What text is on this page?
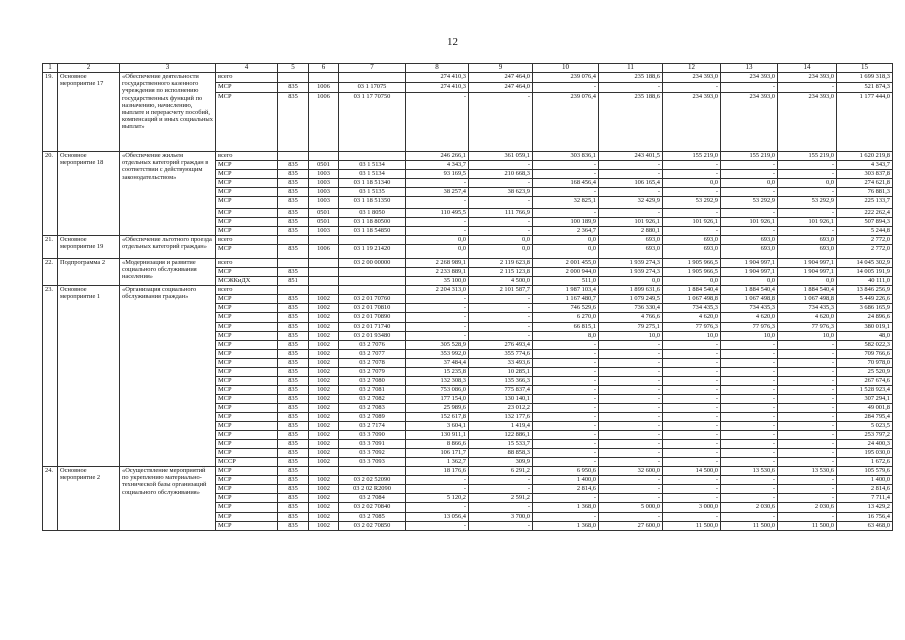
12
1	2	3	4	5	6	7	8	9	10	11	12	13	14	15
19.	Основное мероприятие 17	«Обеспечение деятельности государственного казенного учреждения по исполнению государственных функций по назначению, начислению, выплате и перерасчету пособий, компенсаций и иных социальных выплат»	всего				274 410,3	247 464,0	239 076,4	235 188,6	234 393,0	234 393,0	234 393,0	1 699 318,3
			МСР	835	1006	03 1 17075	274 410,3	247 464,0	-	-	-	-	-	521 874,3
			МСР	835	1006	03 1 17 70750	-	-	239 076,4	235 188,6	234 393,0	234 393,0	234 393,0	1 177 444,0
20.	Основное мероприятие 18	«Обеспечение жильем отдельных категорий граждан в соответствии с действующим законодательством»	всего				246 266,1	361 059,1	303 836,1	243 401,5	155 219,0	155 219,0	155 219,0	1 620 219,8
			МСР	835	0501	03 1 5134	4 343,7	-	-	-	-	-	-	4 343,7
			МСР	835	1003	03 1 5134	93 169,5	210 668,3	-	-	-	-	-	303 837,8
			МСР	835	1003	03 1 18 51340	-	-	168 456,4	106 165,4	0,0	0,0	0,0	274 621,8
			МСР	835	1003	03 1 5135	38 257,4	38 623,9	-	-	-	-	-	76 881,3
			МСР	835	1003	03 1 18 51350	-	-	32 825,1	32 429,9	53 292,9	53 292,9	53 292,9	225 133,7
			МСР	835	0501	03 1 8050	110 495,5	111 766,9	-	-	-	-	-	222 262,4
			МСР	835	0501	03 1 18 80500	-	-	100 189,9	101 926,1	101 926,1	101 926,1	101 926,1	507 894,3
			МСР	835	1003	03 1 18 54850	-	-	2 364,7	2 880,1	-	-	-	5 244,8
21.	Основное мероприятие 19	«Обеспечение льготного проезда отдельных категорий граждан»	всего				0,0	0,0	0,0	693,0	693,0	693,0	693,0	2 772,0
			МСР	835	1006	03 1 19 21420	0,0	0,0	0,0	693,0	693,0	693,0	693,0	2 772,0
22.	Подпрограмма 2	«Модернизация и развитие социального обслуживания населения»	всего			03 2 00 00000	2 268 989,1	2 119 623,8	2 001 455,0	1 939 274,3	1 905 966,5	1 904 997,1	1 904 997,1	14 045 302,9
			МСР	835			2 233 889,1	2 115 123,8	2 000 944,0	1 939 274,3	1 905 966,5	1 904 997,1	1 904 997,1	14 005 191,9
			МСЖКиДХ	851			35 100,0	4 500,0	511,0	0,0	0,0	0,0	0,0	40 111,0
23.	Основное мероприятие 1	«Организация социального обслуживания граждан»	всего				2 204 313,0	2 101 587,7	1 987 103,4	1 899 631,6	1 884 540,4	1 884 540,4	1 884 540,4	13 846 256,9
			МСР	835	1002	03 2 01 70760	-	-	1 167 480,7	1 079 249,5	1 067 498,8	1 067 498,8	1 067 498,8	5 449 226,6
			МСР	835	1002	03 2 01 70810	-	-	746 529,6	736 330,4	734 435,3	734 435,3	734 435,3	3 686 165,9
			МСР	835	1002	03 2 01 70890	-	-	6 270,0	4 766,6	4 620,0	4 620,0	4 620,0	24 896,6
			МСР	835	1002	03 2 01 71740	-	-	66 815,1	79 275,1	77 976,3	77 976,3	77 976,3	380 019,1
			МСР	835	1002	03 2 01 93480	-	-	8,0	10,0	10,0	10,0	10,0	48,0
			МСР	835	1002	03 2 7076	305 528,9	276 493,4	-	-	-	-	-	582 022,3
			МСР	835	1002	03 2 7077	353 992,0	355 774,6	-	-	-	-	-	709 766,6
			МСР	835	1002	03 2 7078	37 484,4	33 493,6	-	-	-	-	-	70 978,0
			МСР	835	1002	03 2 7079	15 235,8	10 285,1	-	-	-	-	-	25 520,9
			МСР	835	1002	03 2 7080	132 308,3	135 366,3	-	-	-	-	-	267 674,6
			МСР	835	1002	03 2 7081	753 086,0	775 837,4	-	-	-	-	-	1 528 923,4
			МСР	835	1002	03 2 7082	177 154,0	130 140,1	-	-	-	-	-	307 294,1
			МСР	835	1002	03 2 7083	25 989,6	23 012,2	-	-	-	-	-	49 001,8
			МСР	835	1002	03 2 7089	152 617,8	132 177,6	-	-	-	-	-	284 795,4
			МСР	835	1002	03 2 7174	3 604,1	1 419,4	-	-	-	-	-	5 023,5
			МСР	835	1002	03 3 7090	130 911,1	122 886,1	-	-	-	-	-	253 797,2
			МСР	835	1002	03 3 7091	8 866,6	15 533,7	-	-	-	-	-	24 400,3
			МСР	835	1002	03 3 7092	106 171,7	88 858,3	-	-	-	-	-	195 030,0
			МССР	835	1002	03 3 7093	1 362,7	309,9	-	-	-	-	-	1 672,6
24.	Основное мероприятие 2	«Осуществление мероприятий по укреплению материально-технической базы организаций социального обслуживания»	МСР	835			18 176,6	6 291,2	6 950,6	32 600,0	14 500,0	13 530,6	13 530,6	105 579,6
			МСР	835	1002	03 2 02 52090	-	-	1 400,0	-	-	-	-	1 400,0
			МСР	835	1002	03 2 02 R2090	-	-	2 814,6	-	-	-	-	2 814,6
			МСР	835	1002	03 2 7084	5 120,2	2 591,2	-	-	-	-	-	7 711,4
			МСР	835	1002	03 2 02 70840	-	-	1 368,0	5 000,0	3 000,0	2 030,6	2 030,6	13 429,2
			МСР	835	1002	03 2 7085	13 056,4	3 700,0	-	-	-	-	-	16 756,4
			МСР	835	1002	03 2 02 70850	-	-	1 368,0	27 600,0	11 500,0	11 500,0	11 500,0	63 468,0
